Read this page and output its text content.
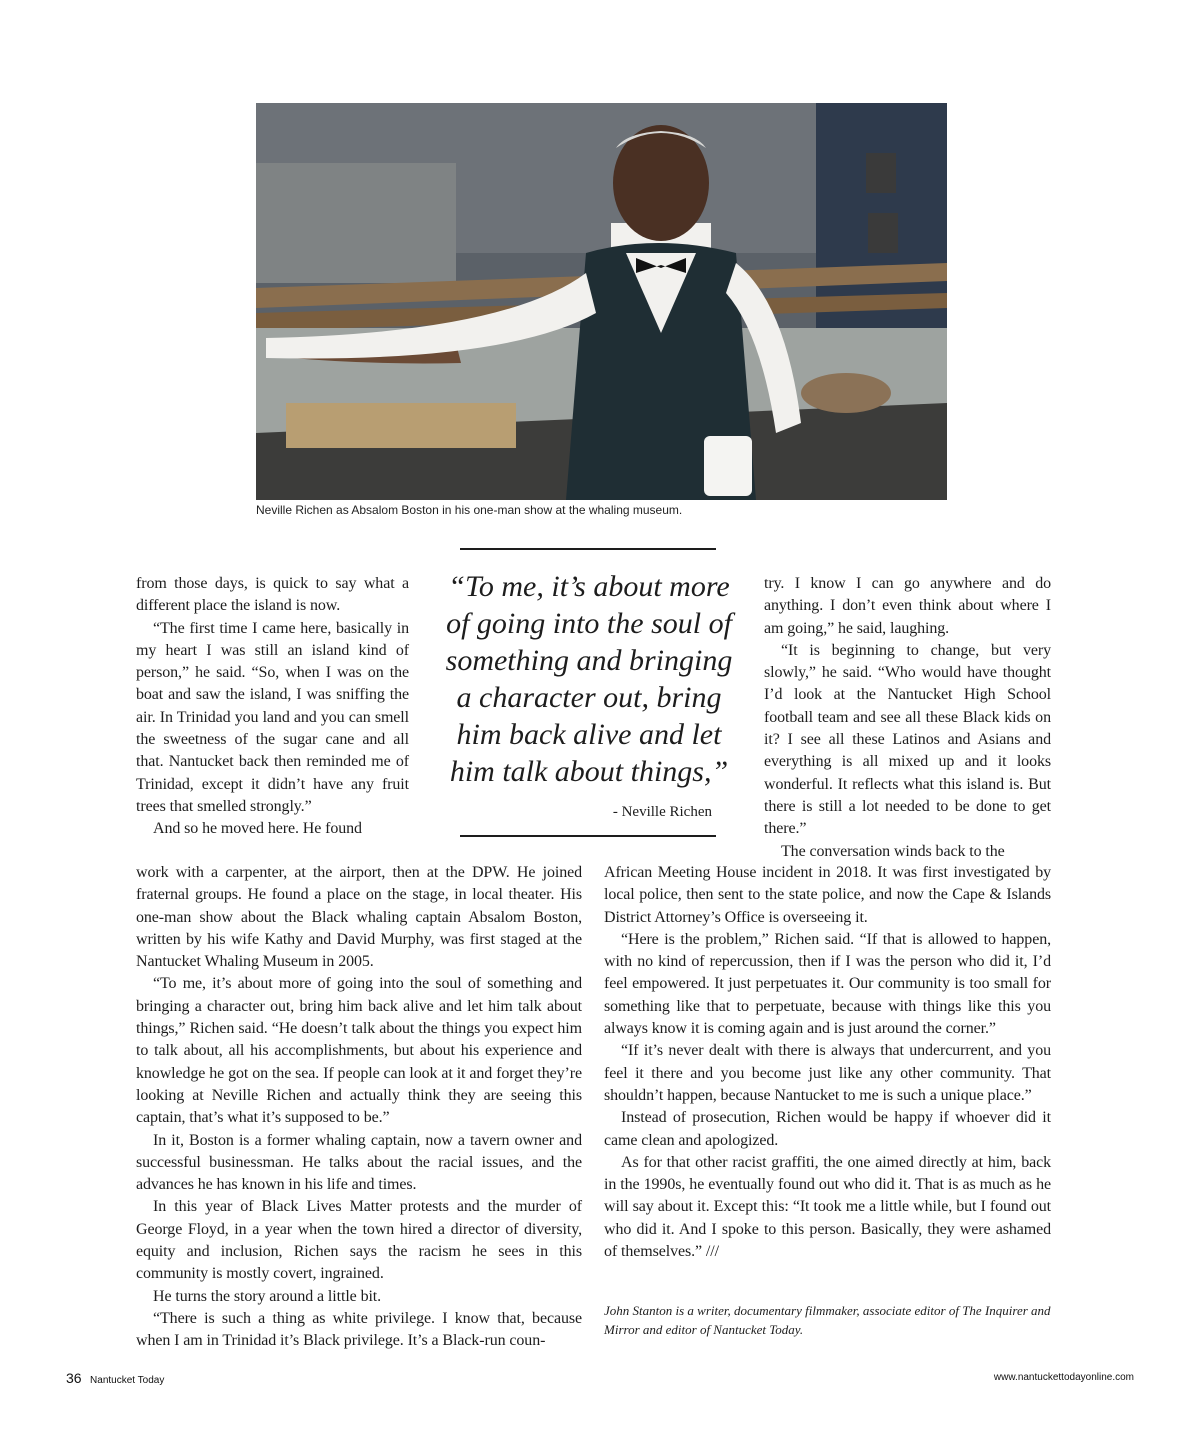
Neville Richen as Absalom Boston in his one-man show at the whaling museum.

from those days, is quick to say what a different place the island is now.

“The first time I came here, basically in my heart I was still an island kind of person,” he said. “So, when I was on the boat and saw the island, I was sniffing the air. In Trinidad you land and you can smell the sweetness of the sugar cane and all that. Nantucket back then reminded me of Trinidad, except it didn’t have any fruit trees that smelled strongly.”

And so he moved here. He found

“To me, it’s about more of going into the soul of something and bringing a character out, bring him back alive and let him talk about things,”
- Neville Richen

try. I know I can go anywhere and do anything. I don’t even think about where I am going,” he said, laughing.

“It is beginning to change, but very slowly,” he said. “Who would have thought I’d look at the Nantucket High School football team and see all these Black kids on it? I see all these Latinos and Asians and everything is all mixed up and it looks wonderful. It reflects what this island is. But there is still a lot needed to be done to get there.”

The conversation winds back to the

work with a carpenter, at the airport, then at the DPW. He joined fraternal groups. He found a place on the stage, in local theater. His one-man show about the Black whaling captain Absalom Boston, written by his wife Kathy and David Murphy, was first staged at the Nantucket Whaling Museum in 2005.

“To me, it’s about more of going into the soul of something and bringing a character out, bring him back alive and let him talk about things,” Richen said. “He doesn’t talk about the things you expect him to talk about, all his accomplishments, but about his experience and knowledge he got on the sea. If people can look at it and forget they’re looking at Neville Richen and actually think they are seeing this captain, that’s what it’s supposed to be.”

In it, Boston is a former whaling captain, now a tavern owner and successful businessman. He talks about the racial issues, and the advances he has known in his life and times.

In this year of Black Lives Matter protests and the murder of George Floyd, in a year when the town hired a director of diversity, equity and inclusion, Richen says the racism he sees in this community is mostly covert, ingrained.

He turns the story around a little bit.

“There is such a thing as white privilege. I know that, because when I am in Trinidad it’s Black privilege. It’s a Black-run coun-

African Meeting House incident in 2018. It was first investigated by local police, then sent to the state police, and now the Cape & Islands District Attorney’s Office is overseeing it.

“Here is the problem,” Richen said. “If that is allowed to happen, with no kind of repercussion, then if I was the person who did it, I’d feel empowered. It just perpetuates it. Our community is too small for something like that to perpetuate, because with things like this you always know it is coming again and is just around the corner.”

“If it’s never dealt with there is always that undercurrent, and you feel it there and you become just like any other community. That shouldn’t happen, because Nantucket to me is such a unique place.”

Instead of prosecution, Richen would be happy if whoever did it came clean and apologized.

As for that other racist graffiti, the one aimed directly at him, back in the 1990s, he eventually found out who did it. That is as much as he will say about it. Except this: “It took me a little while, but I found out who did it. And I spoke to this person. Basically, they were ashamed of themselves.” ///

John Stanton is a writer, documentary filmmaker, associate editor of The Inquirer and Mirror and editor of Nantucket Today.
36 Nantucket Today	www.nantuckettodayonline.com
